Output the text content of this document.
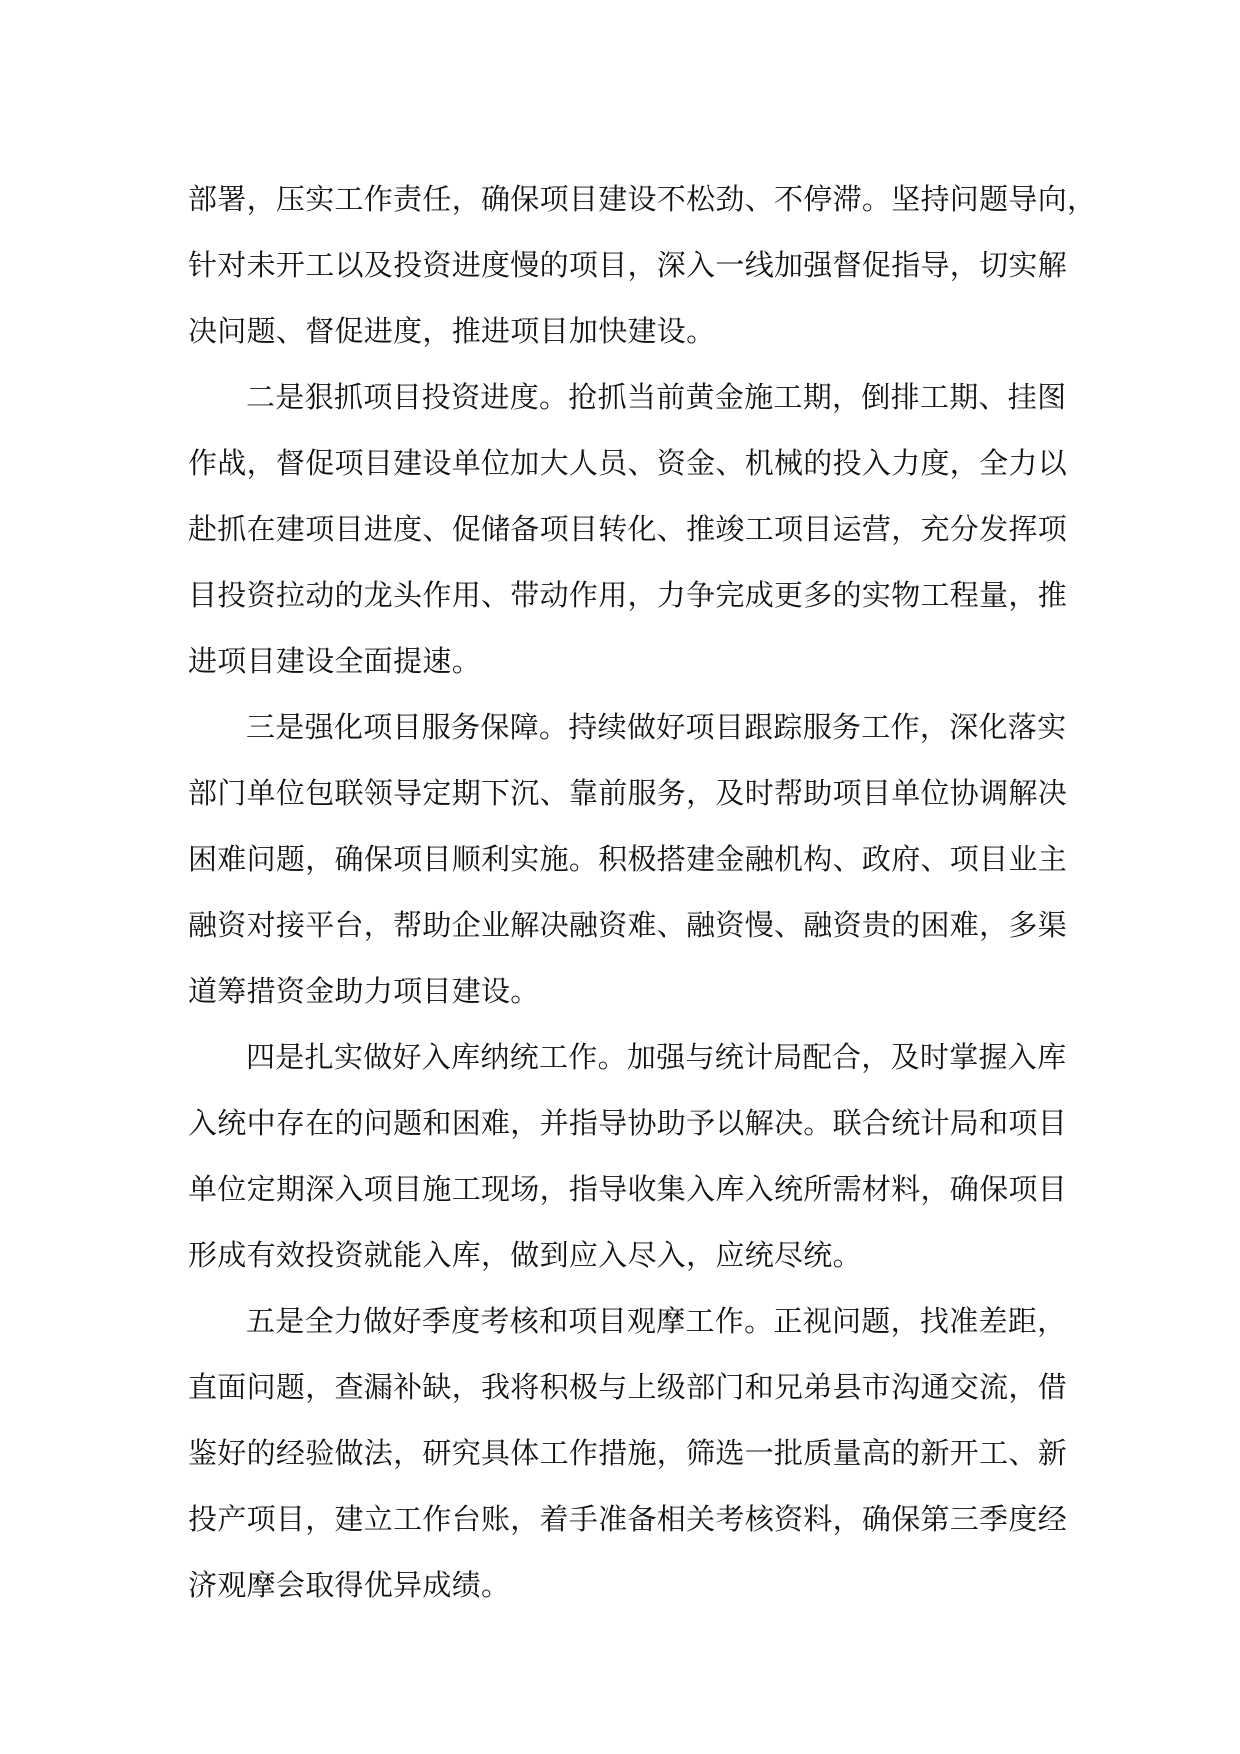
部署，压实工作责任，确保项目建设不松劲、不停滞。坚持问题导向，
针对未开工以及投资进度慢的项目，深入一线加强督促指导，切实解
决问题、督促进度，推进项目加快建设。
二是狠抓项目投资进度。抢抓当前黄金施工期，倒排工期、挂图
作战，督促项目建设单位加大人员、资金、机械的投入力度，全力以
赴抓在建项目进度、促储备项目转化、推竣工项目运营，充分发挥项
目投资拉动的龙头作用、带动作用，力争完成更多的实物工程量，推
进项目建设全面提速。
三是强化项目服务保障。持续做好项目跟踪服务工作，深化落实
部门单位包联领导定期下沉、靠前服务，及时帮助项目单位协调解决
困难问题，确保项目顺利实施。积极搭建金融机构、政府、项目业主
融资对接平台，帮助企业解决融资难、融资慢、融资贵的困难，多渠
道筹措资金助力项目建设。
四是扎实做好入库纳统工作。加强与统计局配合，及时掌握入库
入统中存在的问题和困难，并指导协助予以解决。联合统计局和项目
单位定期深入项目施工现场，指导收集入库入统所需材料，确保项目
形成有效投资就能入库，做到应入尽入，应统尽统。
五是全力做好季度考核和项目观摩工作。正视问题，找准差距，
直面问题，查漏补缺，我将积极与上级部门和兄弟县市沟通交流，借
鉴好的经验做法，研究具体工作措施，筛选一批质量高的新开工、新
投产项目，建立工作台账，着手准备相关考核资料，确保第三季度经
济观摩会取得优异成绩。
